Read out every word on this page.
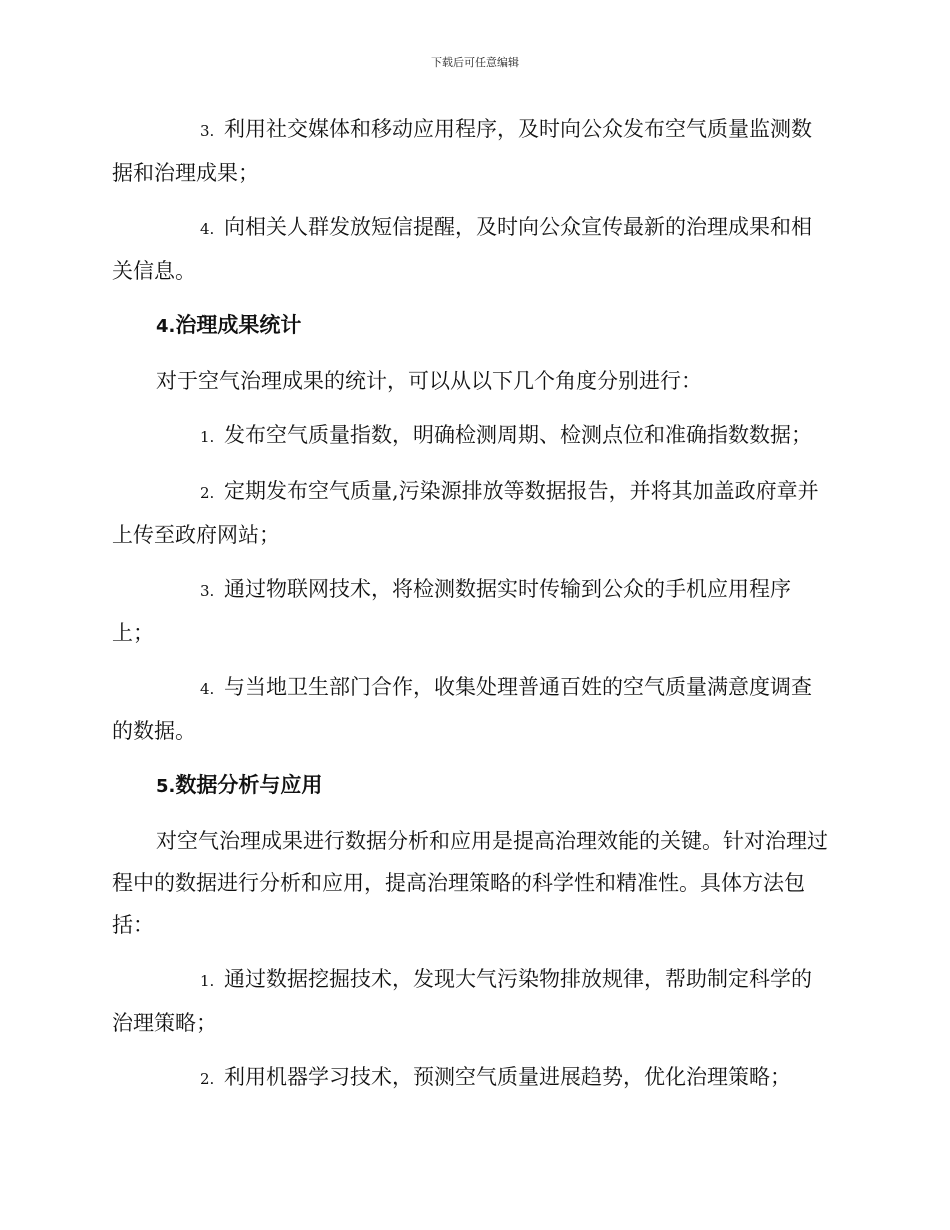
下载后可任意编辑

3. 利用社交媒体和移动应用程序，及时向公众发布空气质量监测数据和治理成果；

4. 向相关人群发放短信提醒，及时向公众宣传最新的治理成果和相关信息。

4.治理成果统计

对于空气治理成果的统计，可以从以下几个角度分别进行：

1. 发布空气质量指数，明确检测周期、检测点位和准确指数数据；

2. 定期发布空气质量,污染源排放等数据报告，并将其加盖政府章并上传至政府网站；

3. 通过物联网技术，将检测数据实时传输到公众的手机应用程序上；

4. 与当地卫生部门合作，收集处理普通百姓的空气质量满意度调查的数据。

5.数据分析与应用

对空气治理成果进行数据分析和应用是提高治理效能的关键。针对治理过程中的数据进行分析和应用，提高治理策略的科学性和精准性。具体方法包括：

1. 通过数据挖掘技术，发现大气污染物排放规律，帮助制定科学的治理策略；

2. 利用机器学习技术，预测空气质量进展趋势，优化治理策略；
